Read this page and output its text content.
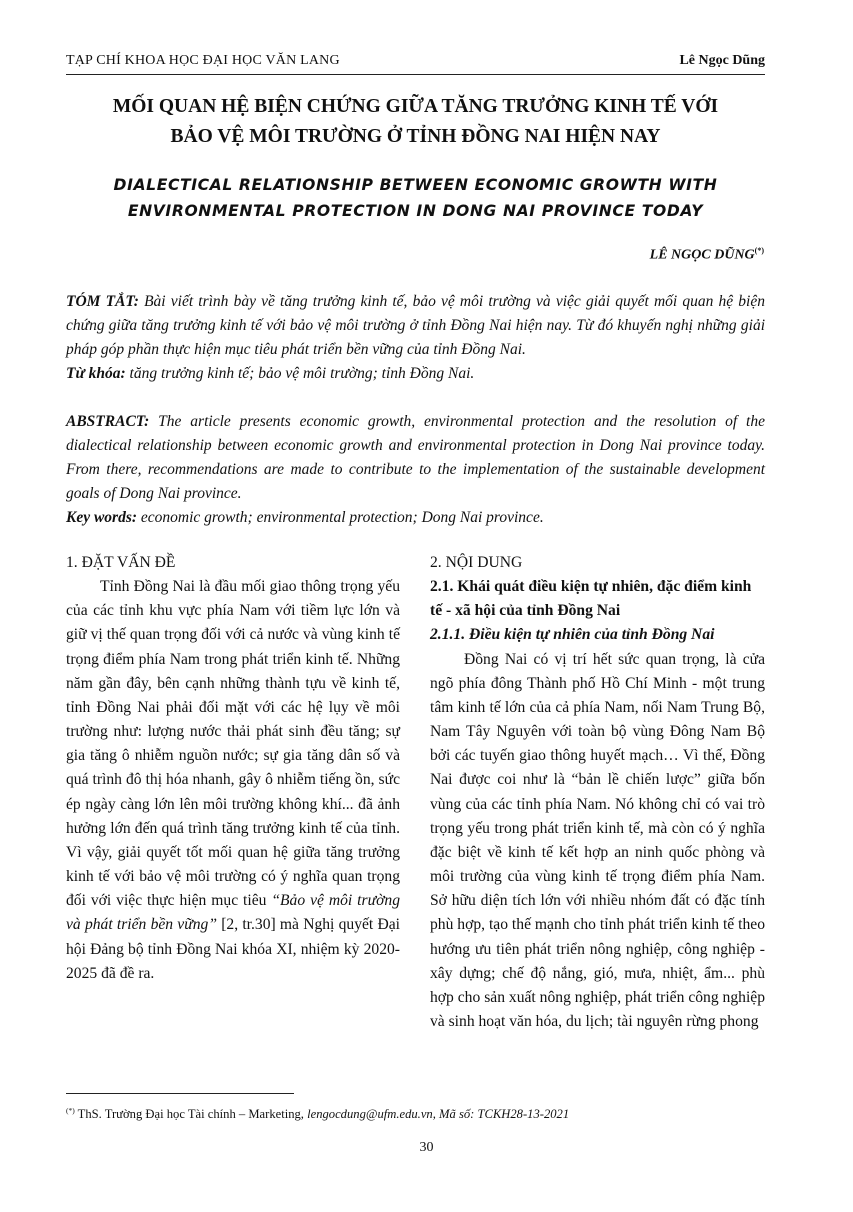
TẠP CHÍ KHOA HỌC ĐẠI HỌC VĂN LANG	Lê Ngọc Dũng
MỐI QUAN HỆ BIỆN CHỨNG GIỮA TĂNG TRƯỞNG KINH TẾ VỚI
BẢO VỆ MÔI TRƯỜNG Ở TỈNH ĐỒNG NAI HIỆN NAY
DIALECTICAL RELATIONSHIP BETWEEN ECONOMIC GROWTH WITH
ENVIRONMENTAL PROTECTION IN DONG NAI PROVINCE TODAY
LÊ NGỌC DŨNG(*)

TÓM TẮT: Bài viết trình bày về tăng trưởng kinh tế, bảo vệ môi trường và việc giải quyết mối quan hệ biện chứng giữa tăng trưởng kinh tế với bảo vệ môi trường ở tỉnh Đồng Nai hiện nay. Từ đó khuyến nghị những giải pháp góp phần thực hiện mục tiêu phát triển bền vững của tỉnh Đồng Nai.

Từ khóa: tăng trưởng kinh tế; bảo vệ môi trường; tỉnh Đồng Nai.

ABSTRACT: The article presents economic growth, environmental protection and the resolution of the dialectical relationship between economic growth and environmental protection in Dong Nai province today. From there, recommendations are made to contribute to the implementation of the sustainable development goals of Dong Nai province.

Key words: economic growth; environmental protection; Dong Nai province.

1. ĐẶT VẤN ĐỀ

Tỉnh Đồng Nai là đầu mối giao thông trọng yếu của các tỉnh khu vực phía Nam với tiềm lực lớn và giữ vị thế quan trọng đối với cả nước và vùng kinh tế trọng điểm phía Nam trong phát triển kinh tế. Những năm gần đây, bên cạnh những thành tựu về kinh tế, tỉnh Đồng Nai phải đối mặt với các hệ lụy về môi trường như: lượng nước thải phát sinh đều tăng; sự gia tăng ô nhiễm nguồn nước; sự gia tăng dân số và quá trình đô thị hóa nhanh, gây ô nhiễm tiếng ồn, sức ép ngày càng lớn lên môi trường không khí... đã ảnh hưởng lớn đến quá trình tăng trưởng kinh tế của tỉnh. Vì vậy, giải quyết tốt mối quan hệ giữa tăng trưởng kinh tế với bảo vệ môi trường có ý nghĩa quan trọng đối với việc thực hiện mục tiêu “Bảo vệ môi trường và phát triển bền vững” [2, tr.30] mà Nghị quyết Đại hội Đảng bộ tỉnh Đồng Nai khóa XI, nhiệm kỳ 2020-2025 đã đề ra.

2. NỘI DUNG
2.1. Khái quát điều kiện tự nhiên, đặc điểm kinh tế - xã hội của tỉnh Đồng Nai
2.1.1. Điều kiện tự nhiên của tỉnh Đồng Nai

Đồng Nai có vị trí hết sức quan trọng, là cửa ngõ phía đông Thành phố Hồ Chí Minh - một trung tâm kinh tế lớn của cả phía Nam, nối Nam Trung Bộ, Nam Tây Nguyên với toàn bộ vùng Đông Nam Bộ bởi các tuyến giao thông huyết mạch… Vì thế, Đồng Nai được coi như là “bản lề chiến lược” giữa bốn vùng của các tỉnh phía Nam. Nó không chỉ có vai trò trọng yếu trong phát triển kinh tế, mà còn có ý nghĩa đặc biệt về kinh tế kết hợp an ninh quốc phòng và môi trường của vùng kinh tế trọng điểm phía Nam. Sở hữu diện tích lớn với nhiều nhóm đất có đặc tính phù hợp, tạo thế mạnh cho tỉnh phát triển kinh tế theo hướng ưu tiên phát triển nông nghiệp, công nghiệp - xây dựng; chế độ nắng, gió, mưa, nhiệt, ẩm... phù hợp cho sản xuất nông nghiệp, phát triển công nghiệp và sinh hoạt văn hóa, du lịch; tài nguyên rừng phong

(*) ThS. Trường Đại học Tài chính – Marketing, lengocdung@ufm.edu.vn, Mã số: TCKH28-13-2021
30
